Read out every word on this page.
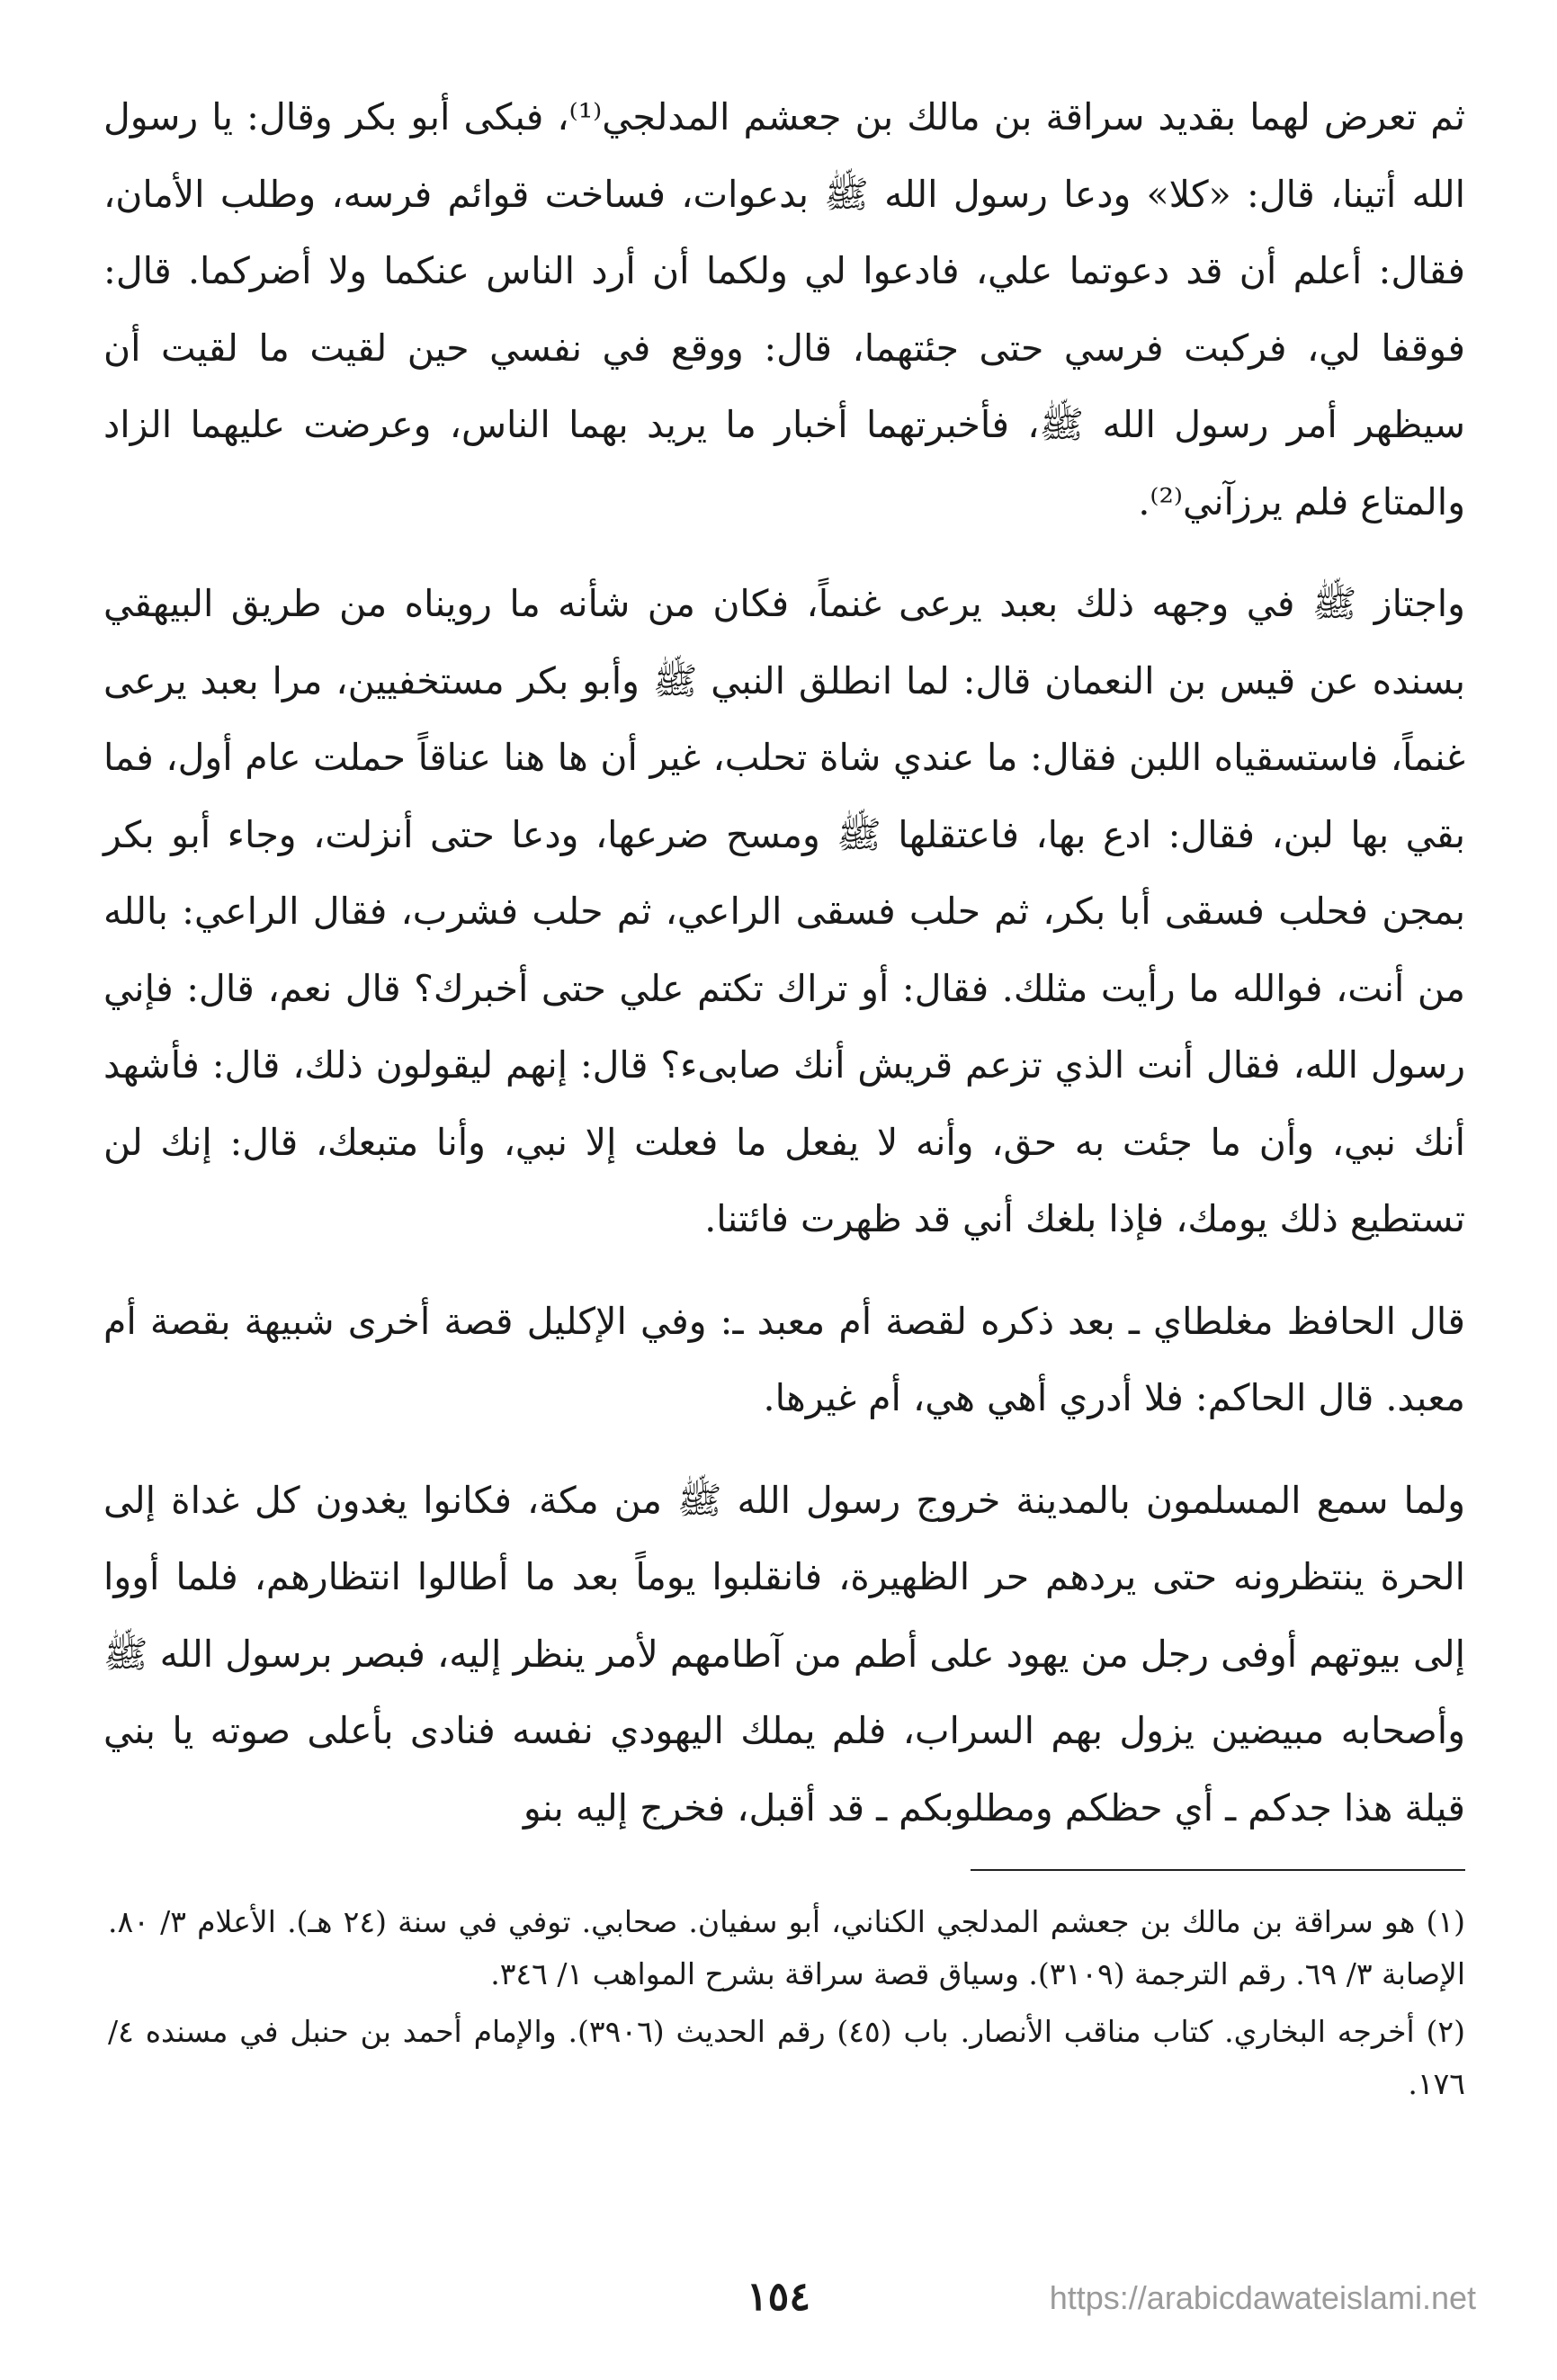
ثم تعرض لهما بقديد سراقة بن مالك بن جعشم المدلجي⁽¹⁾، فبكى أبو بكر وقال: يا رسول الله أتينا، قال: «كلا» ودعا رسول الله ﷺ بدعوات، فساخت قوائم فرسه، وطلب الأمان، فقال: أعلم أن قد دعوتما علي، فادعوا لي ولكما أن أرد الناس عنكما ولا أضركما. قال: فوقفا لي، فركبت فرسي حتى جئتهما، قال: ووقع في نفسي حين لقيت ما لقيت أن سيظهر أمر رسول الله ﷺ، فأخبرتهما أخبار ما يريد بهما الناس، وعرضت عليهما الزاد والمتاع فلم يرزآني⁽²⁾.

واجتاز ﷺ في وجهه ذلك بعبد يرعى غنماً، فكان من شأنه ما رويناه من طريق البيهقي بسنده عن قيس بن النعمان قال: لما انطلق النبي ﷺ وأبو بكر مستخفيين، مرا بعبد يرعى غنماً، فاستسقياه اللبن فقال: ما عندي شاة تحلب، غير أن ها هنا عناقاً حملت عام أول، فما بقي بها لبن، فقال: ادع بها، فاعتقلها ﷺ ومسح ضرعها، ودعا حتى أنزلت، وجاء أبو بكر بمجن فحلب فسقى أبا بكر، ثم حلب فسقى الراعي، ثم حلب فشرب، فقال الراعي: بالله من أنت، فوالله ما رأيت مثلك. فقال: أو تراك تكتم علي حتى أخبرك؟ قال نعم، قال: فإني رسول الله، فقال أنت الذي تزعم قريش أنك صابىء؟ قال: إنهم ليقولون ذلك، قال: فأشهد أنك نبي، وأن ما جئت به حق، وأنه لا يفعل ما فعلت إلا نبي، وأنا متبعك، قال: إنك لن تستطيع ذلك يومك، فإذا بلغك أني قد ظهرت فائتنا.

قال الحافظ مغلطاي ـ بعد ذكره لقصة أم معبد ـ: وفي الإكليل قصة أخرى شبيهة بقصة أم معبد. قال الحاكم: فلا أدري أهي هي، أم غيرها.

ولما سمع المسلمون بالمدينة خروج رسول الله ﷺ من مكة، فكانوا يغدون كل غداة إلى الحرة ينتظرونه حتى يردهم حر الظهيرة، فانقلبوا يوماً بعد ما أطالوا انتظارهم، فلما أووا إلى بيوتهم أوفى رجل من يهود على أطم من آطامهم لأمر ينظر إليه، فبصر برسول الله ﷺ وأصحابه مبيضين يزول بهم السراب، فلم يملك اليهودي نفسه فنادى بأعلى صوته يا بني قيلة هذا جدكم ـ أي حظكم ومطلوبكم ـ قد أقبل، فخرج إليه بنو

(١) هو سراقة بن مالك بن جعشم المدلجي الكناني، أبو سفيان. صحابي. توفي في سنة (٢٤ هـ). الأعلام ٣/ ٨٠. الإصابة ٣/ ٦٩. رقم الترجمة (٣١٠٩). وسياق قصة سراقة بشرح المواهب ١/ ٣٤٦.

(٢) أخرجه البخاري. كتاب مناقب الأنصار. باب (٤٥) رقم الحديث (٣٩٠٦). والإمام أحمد بن حنبل في مسنده ٤/ ١٧٦.

١٥٤	https://arabicdawateislami.net
